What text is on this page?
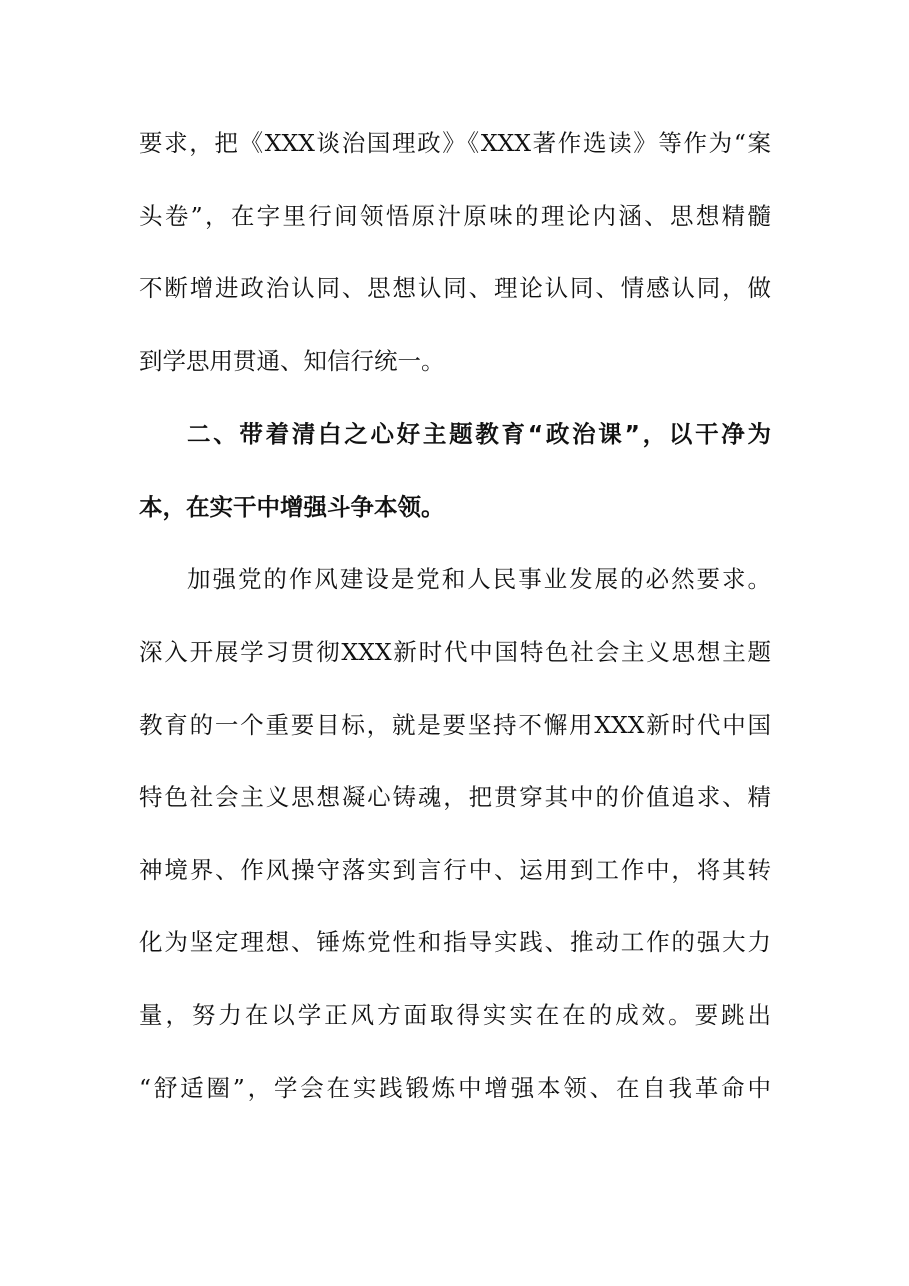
要求，把《XXX谈治国理政》《XXX著作选读》等作为“案
头卷”，在字里行间领悟原汁原味的理论内涵、思想精髓
不断增进政治认同、思想认同、理论认同、情感认同，做
到学思用贯通、知信行统一。
二、带着清白之心好主题教育“政治课”，以干净为
本，在实干中增强斗争本领。
加强党的作风建设是党和人民事业发展的必然要求。
深入开展学习贯彻XXX新时代中国特色社会主义思想主题
教育的一个重要目标，就是要坚持不懈用XXX新时代中国
特色社会主义思想凝心铸魂，把贯穿其中的价值追求、精
神境界、作风操守落实到言行中、运用到工作中，将其转
化为坚定理想、锤炼党性和指导实践、推动工作的强大力
量，努力在以学正风方面取得实实在在的成效。要跳出
“舒适圈”，学会在实践锻炼中增强本领、在自我革命中
